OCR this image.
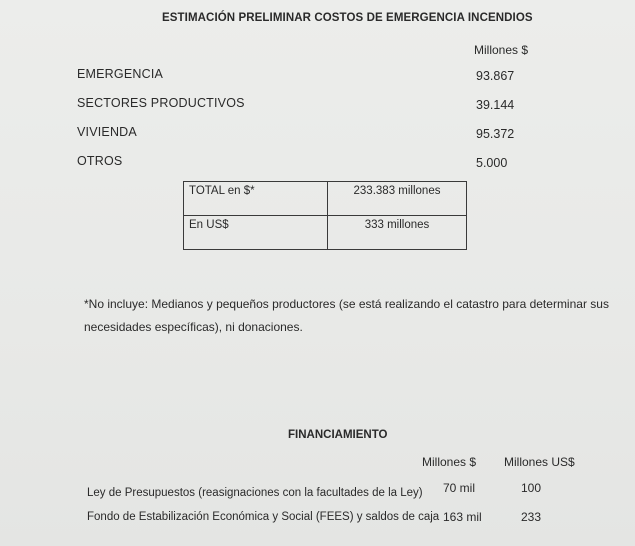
ESTIMACIÓN PRELIMINAR COSTOS DE EMERGENCIA INCENDIOS
Millones $
EMERGENCIA	93.867
SECTORES PRODUCTIVOS	39.144
VIVIENDA	95.372
OTROS	5.000
TOTAL en $*	233.383 millones
En US$	333 millones
*No incluye: Medianos y pequeños productores (se está realizando el catastro para determinar sus necesidades específicas), ni donaciones.
FINANCIAMIENTO
Millones $ Millones US$
Ley de Presupuestos (reasignaciones con la facultades de la Ley) 70 mil	100
Fondo de Estabilización Económica y Social (FEES) y saldos de caja 163 mil	233
